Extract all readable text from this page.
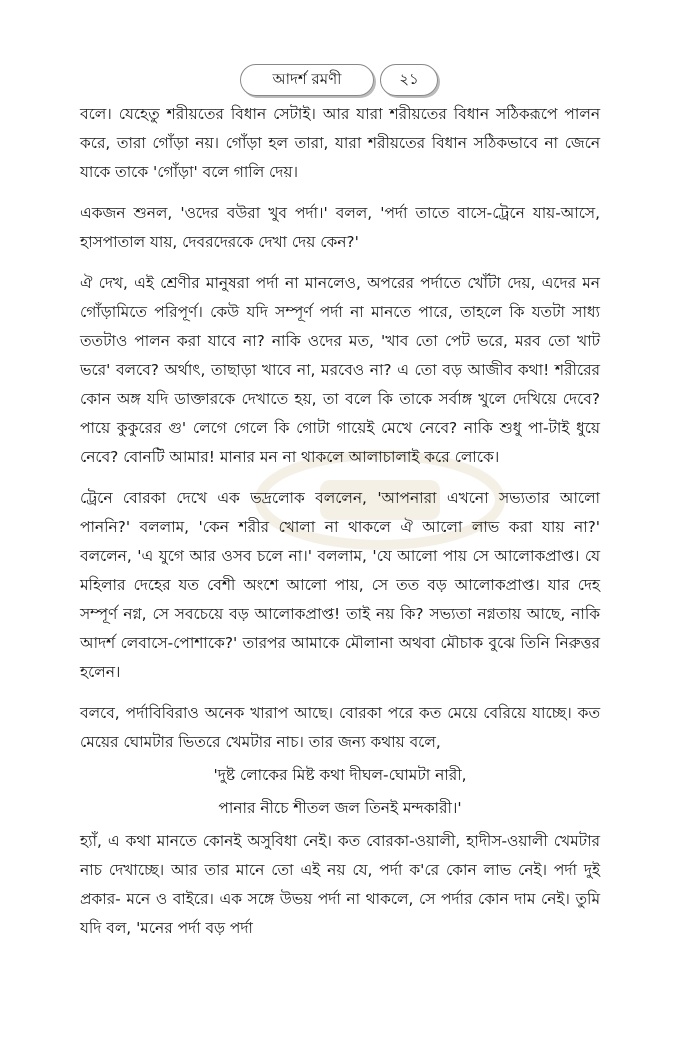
আদর্শ রমণী	২১

বলে। যেহেতু শরীয়তের বিধান সেটাই। আর যারা শরীয়তের বিধান সঠিকরূপে পালন করে, তারা গোঁড়া নয়। গোঁড়া হল তারা, যারা শরীয়তের বিধান সঠিকভাবে না জেনে যাকে তাকে 'গোঁড়া' বলে গালি দেয়।

একজন শুনল, 'ওদের বউরা খুব পর্দা।' বলল, 'পর্দা তাতে বাসে-ট্রেনে যায়-আসে, হাসপাতাল যায়, দেবরদেরকে দেখা দেয় কেন?'

ঐ দেখ, এই শ্রেণীর মানুষরা পর্দা না মানলেও, অপরের পর্দাতে খোঁটা দেয়, এদের মন গোঁড়ামিতে পরিপূর্ণ। কেউ যদি সম্পূর্ণ পর্দা না মানতে পারে, তাহলে কি যতটা সাধ্য ততটাও পালন করা যাবে না? নাকি ওদের মত, 'খাব তো পেট ভরে, মরব তো খাট ভরে' বলবে? অর্থাৎ, তাছাড়া খাবে না, মরবেও না? এ তো বড় আজীব কথা! শরীরের কোন অঙ্গ যদি ডাক্তারকে দেখাতে হয়, তা বলে কি তাকে সর্বাঙ্গ খুলে দেখিয়ে দেবে? পায়ে কুকুরের গু' লেগে গেলে কি গোটা গায়েই মেখে নেবে? নাকি শুধু পা-টাই ধুয়ে নেবে? বোনটি আমার! মানার মন না থাকলে আলাচালাই করে লোকে।

ট্রেনে বোরকা দেখে এক ভদ্রলোক বললেন, 'আপনারা এখনো সভ্যতার আলো পাননি?' বললাম, 'কেন শরীর খোলা না থাকলে ঐ আলো লাভ করা যায় না?' বললেন, 'এ যুগে আর ওসব চলে না।' বললাম, 'যে আলো পায় সে আলোকপ্রাপ্ত। যে মহিলার দেহের যত বেশী অংশে আলো পায়, সে তত বড় আলোকপ্রাপ্ত। যার দেহ সম্পূর্ণ নগ্ন, সে সবচেয়ে বড় আলোকপ্রাপ্ত! তাই নয় কি? সভ্যতা নগ্নতায় আছে, নাকি আদর্শ লেবাসে-পোশাকে?' তারপর আমাকে মৌলানা অথবা মৌচাক বুঝে তিনি নিরুত্তর হলেন।

বলবে, পর্দাবিবিরাও অনেক খারাপ আছে। বোরকা পরে কত মেয়ে বেরিয়ে যাচ্ছে। কত মেয়ের ঘোমটার ভিতরে খেমটার নাচ। তার জন্য কথায় বলে,

'দুষ্ট লোকের মিষ্ট কথা দীঘল-ঘোমটা নারী,

পানার নীচে শীতল জল তিনই মন্দকারী।'

হ্যাঁ, এ কথা মানতে কোনই অসুবিধা নেই। কত বোরকা-ওয়ালী, হাদীস-ওয়ালী খেমটার নাচ দেখাচ্ছে। আর তার মানে তো এই নয় যে, পর্দা ক'রে কোন লাভ নেই। পর্দা দুই প্রকার- মনে ও বাইরে। এক সঙ্গে উভয় পর্দা না থাকলে, সে পর্দার কোন দাম নেই। তুমি যদি বল, 'মনের পর্দা বড় পর্দা
